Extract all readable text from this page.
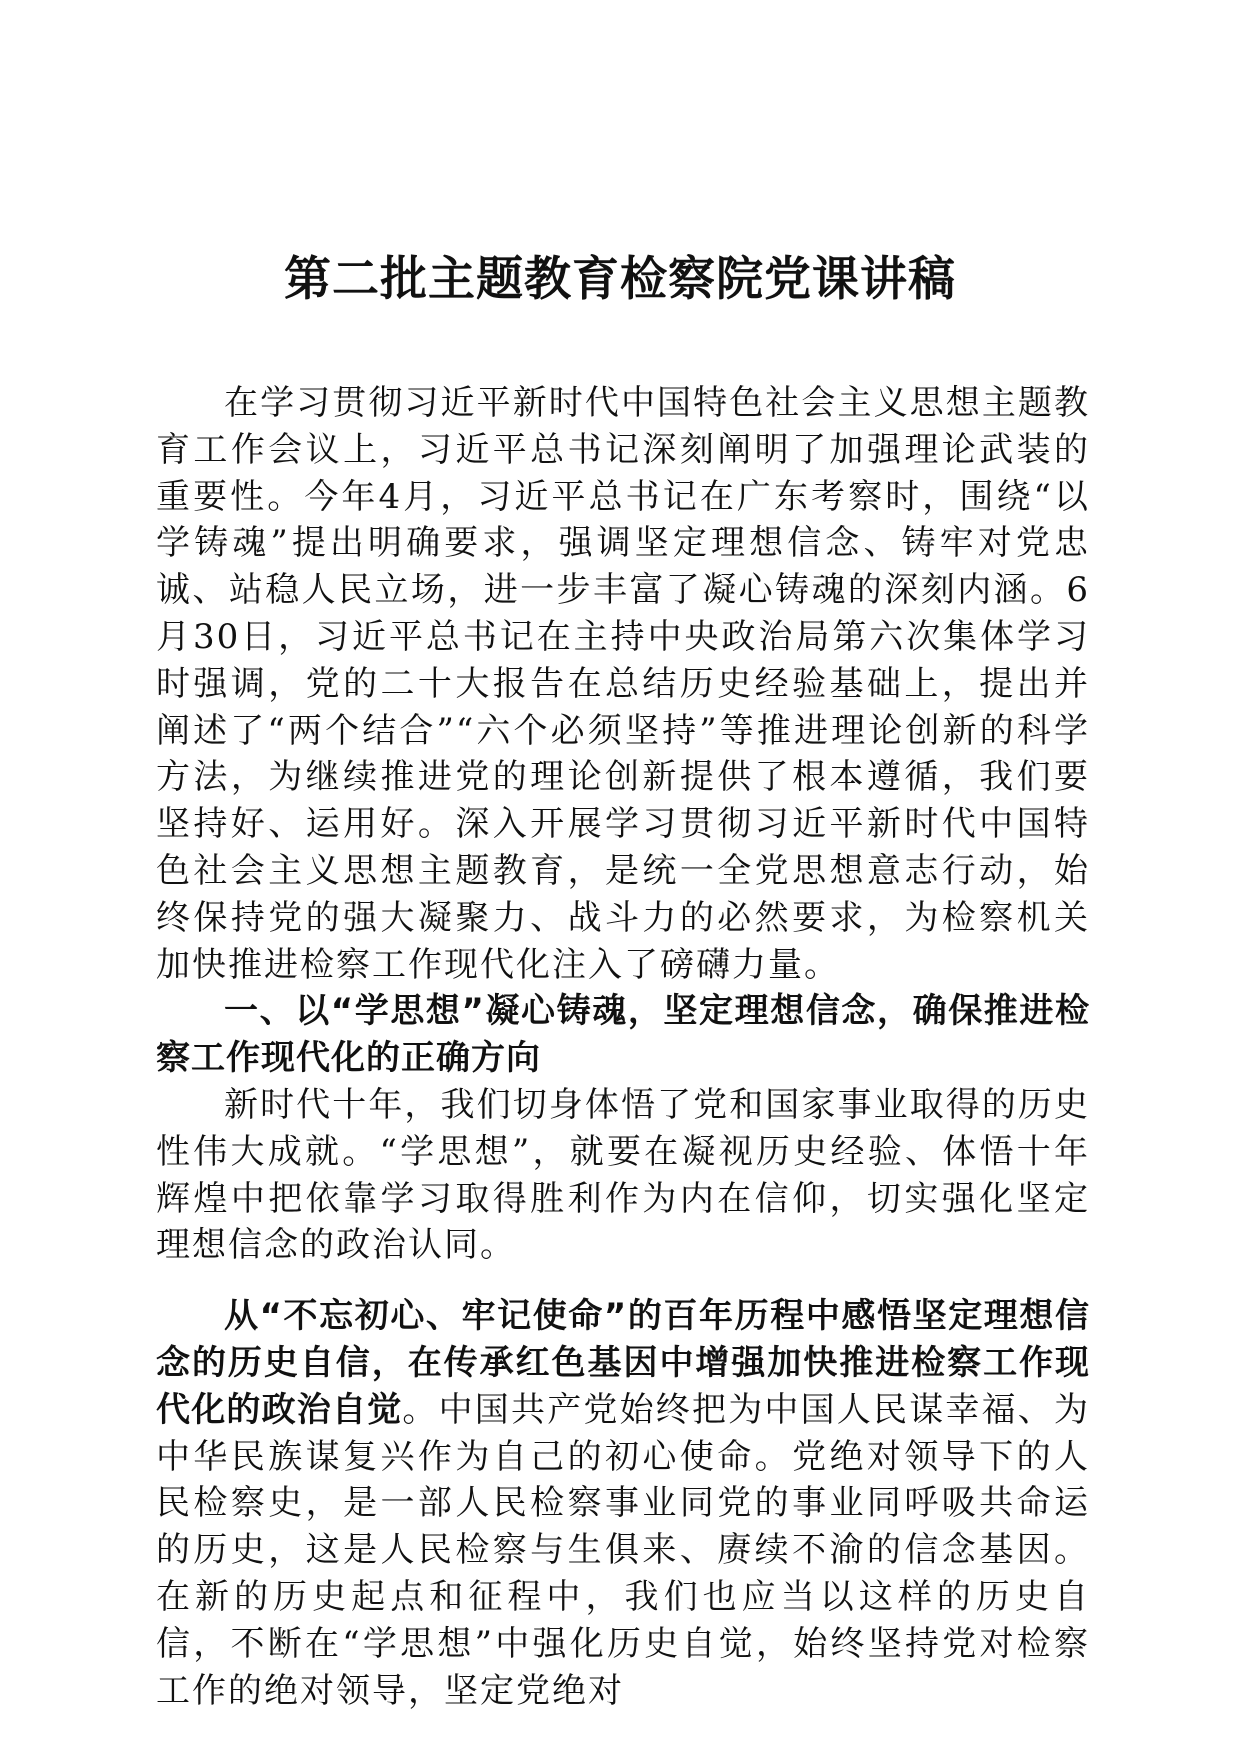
第二批主题教育检察院党课讲稿

在学习贯彻习近平新时代中国特色社会主义思想主题教育工作会议上，习近平总书记深刻阐明了加强理论武装的重要性。今年4月，习近平总书记在广东考察时，围绕“以学铸魂”提出明确要求，强调坚定理想信念、铸牢对党忠诚、站稳人民立场，进一步丰富了凝心铸魂的深刻内涵。6月30日，习近平总书记在主持中央政治局第六次集体学习时强调，党的二十大报告在总结历史经验基础上，提出并阐述了“两个结合”“六个必须坚持”等推进理论创新的科学方法，为继续推进党的理论创新提供了根本遵循，我们要坚持好、运用好。深入开展学习贯彻习近平新时代中国特色社会主义思想主题教育，是统一全党思想意志行动，始终保持党的强大凝聚力、战斗力的必然要求，为检察机关加快推进检察工作现代化注入了磅礴力量。

一、以“学思想”凝心铸魂，坚定理想信念，确保推进检察工作现代化的正确方向

新时代十年，我们切身体悟了党和国家事业取得的历史性伟大成就。“学思想”，就要在凝视历史经验、体悟十年辉煌中把依靠学习取得胜利作为内在信仰，切实强化坚定理想信念的政治认同。

从“不忘初心、牢记使命”的百年历程中感悟坚定理想信念的历史自信，在传承红色基因中增强加快推进检察工作现代化的政治自觉。中国共产党始终把为中国人民谋幸福、为中华民族谋复兴作为自己的初心使命。党绝对领导下的人民检察史，是一部人民检察事业同党的事业同呼吸共命运的历史，这是人民检察与生俱来、赓续不渝的信念基因。在新的历史起点和征程中，我们也应当以这样的历史自信，不断在“学思想”中强化历史自觉，始终坚持党对检察工作的绝对领导，坚定党绝对
